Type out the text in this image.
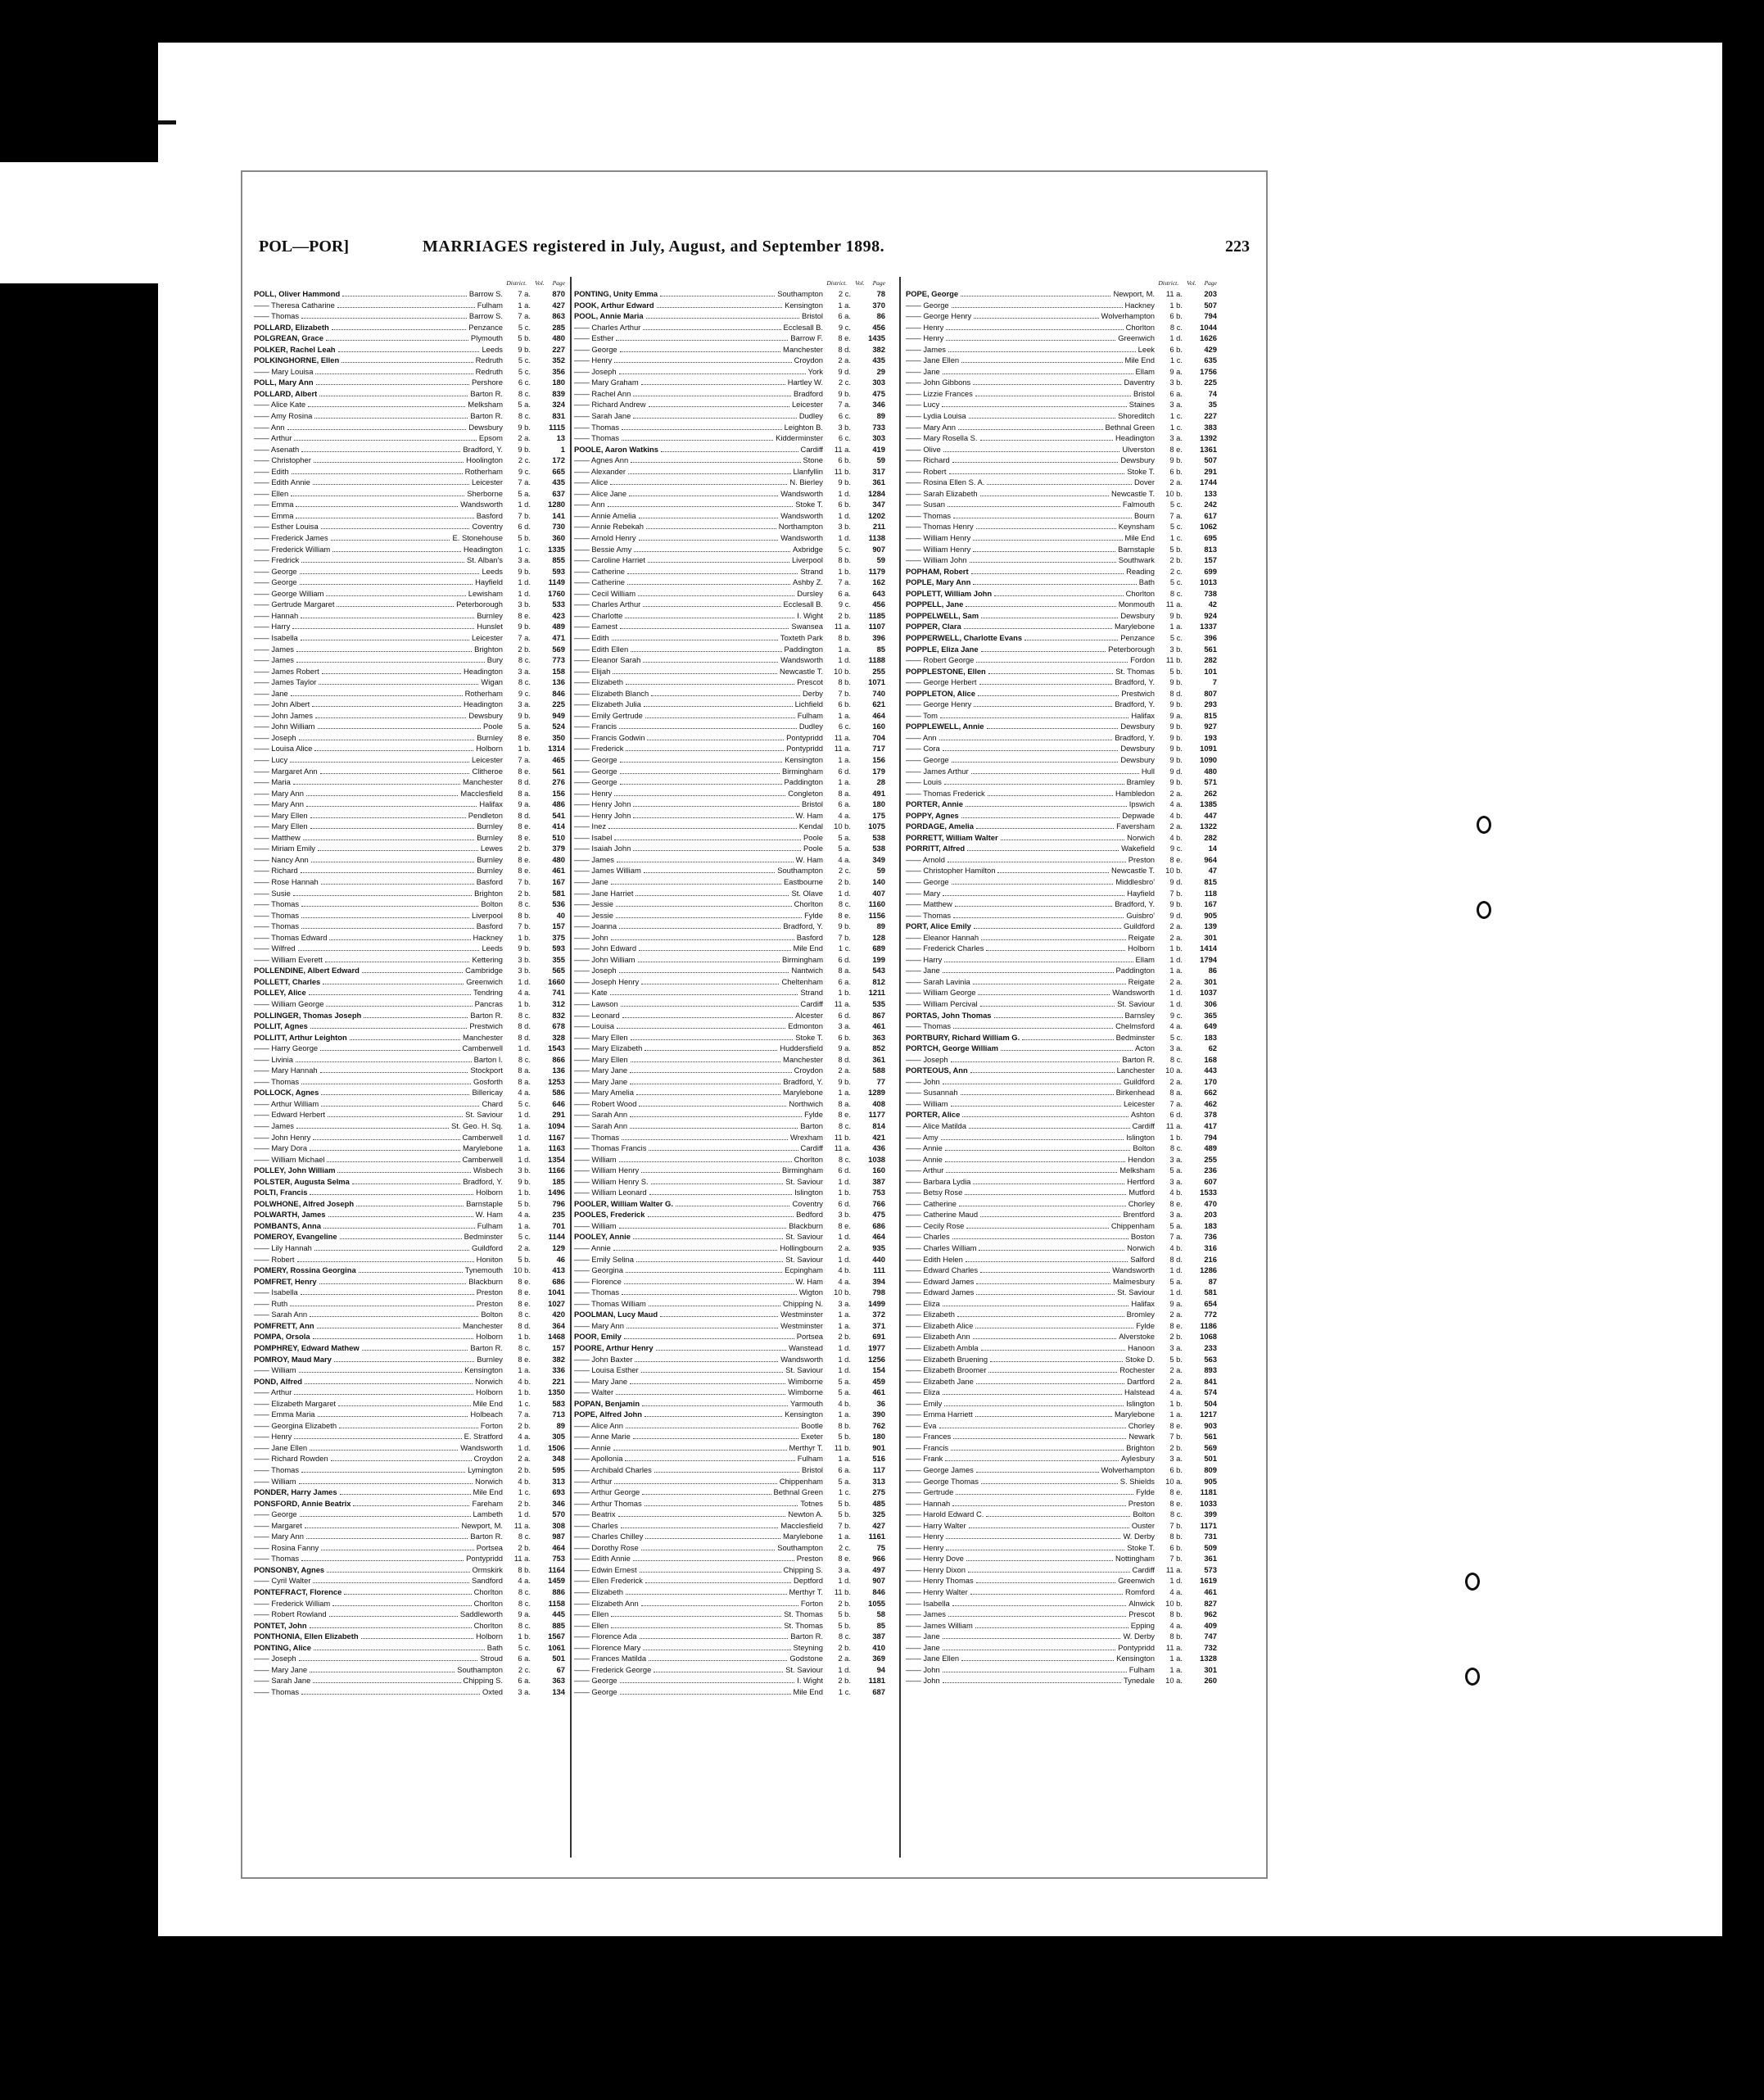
POL—POR]	MARRIAGES registered in July, August, and September 1898.	223
District. Vol. Page
POLL, Oliver Hammond	Barrow S.	7 a.	870
—— Theresa Catharine	Fulham	1 a.	427
—— Thomas	Barrow S.	7 a.	863
POLLARD, Elizabeth	Penzance	5 c.	285
POLGREAN, Grace	Plymouth	5 b.	480
POLKER, Rachel Leah	Leeds	9 b.	227
POLKINGHORNE, Ellen	Redruth	5 c.	352
—— Mary Louisa	Redruth	5 c.	356
POLL, Mary Ann	Pershore	6 c.	180
POLLARD, Albert	Barton R.	8 c.	839
—— Alice Kate	Melksham	5 a.	324
—— Amy Rosina	Barton R.	8 c.	831
—— Ann	Dewsbury	9 b.	1115
—— Arthur	Epsom	2 a.	13
—— Asenath	Bradford, Y.	9 b.	1
—— Christopher	Hoolington	2 c.	172
—— Edith	Rotherham	9 c.	665
—— Edith Annie	Leicester	7 a.	435
—— Ellen	Sherborne	5 a.	637
—— Emma	Wandsworth	1 d.	1280
—— Emma	Basford	7 b.	141
—— Esther Louisa	Coventry	6 d.	730
—— Frederick James	E. Stonehouse	5 b.	360
—— Frederick William	Headington	1 c.	1335
—— Fredrick	St. Alban's	3 a.	855
—— George	Leeds	9 b.	593
—— George	Hayfield	1 d.	1149
—— George William	Lewisham	1 d.	1760
—— Gertrude Margaret	Peterborough	3 b.	533
—— Hannah	Burnley	8 e.	423
—— Harry	Hunslet	9 b.	489
—— Isabella	Leicester	7 a.	471
—— James	Brighton	2 b.	569
—— James	Bury	8 c.	773
—— James Robert	Headington	3 a.	158
—— James Taylor	Wigan	8 c.	136
—— Jane	Rotherham	9 c.	846
—— John Albert	Headington	3 a.	225
—— John James	Dewsbury	9 b.	949
—— John William	Poole	5 a.	524
—— Joseph	Burnley	8 e.	350
—— Louisa Alice	Holborn	1 b.	1314
—— Lucy	Leicester	7 a.	465
—— Margaret Ann	Clitheroe	8 e.	561
—— Maria	Manchester	8 d.	276
—— Mary Ann	Macclesfield	8 a.	156
—— Mary Ann	Halifax	9 a.	486
—— Mary Ellen	Pendleton	8 d.	541
—— Mary Ellen	Burnley	8 e.	414
—— Matthew	Burnley	8 e.	510
—— Miriam Emily	Lewes	2 b.	379
—— Nancy Ann	Burnley	8 e.	480
—— Richard	Burnley	8 e.	461
—— Rose Hannah	Basford	7 b.	167
—— Susie	Brighton	2 b.	581
—— Thomas	Bolton	8 c.	536
—— Thomas	Liverpool	8 b.	40
—— Thomas	Basford	7 b.	157
—— Thomas Edward	Hackney	1 b.	375
—— Wilfred	Leeds	9 b.	593
—— William Everett	Kettering	3 b.	355
POLLENDINE, Albert Edward	Cambridge	3 b.	565
POLLETT, Charles	Greenwich	1 d.	1660
POLLEY, Alice	Tendring	4 a.	741
—— William George	Pancras	1 b.	312
POLLINGER, Thomas Joseph	Barton R.	8 c.	832
POLLIT, Agnes	Prestwich	8 d.	678
POLLITT, Arthur Leighton	Manchester	8 d.	328
—— Harry George	Camberwell	1 d.	1543
—— Livinia	Barton I.	8 c.	866
—— Mary Hannah	Stockport	8 a.	136
—— Thomas	Gosforth	8 a.	1253
POLLOCK, Agnes	Billericay	4 a.	586
—— Arthur William	Chard	5 c.	646
—— Edward Herbert	St. Saviour	1 d.	291
—— James	St. Geo. H. Sq.	1 a.	1094
—— John Henry	Camberwell	1 d.	1167
—— Mary Dora	Marylebone	1 a.	1163
—— William Michael	Camberwell	1 d.	1354
POLLEY, John William	Wisbech	3 b.	1166
POLSTER, Augusta Selma	Bradford, Y.	9 b.	185
POLTI, Francis	Holborn	1 b.	1496
POLWHONE, Alfred Joseph	Barnstaple	5 b.	796
POLWARTH, James	W. Ham	4 a.	235
POMBANTS, Anna	Fulham	1 a.	701
POMEROY, Evangeline	Bedminster	5 c.	1144
—— Lily Hannah	Guildford	2 a.	129
—— Robert	Honiton	5 b.	46
POMERY, Rossina Georgina	Tynemouth	10 b.	413
POMFRET, Henry	Blackburn	8 e.	686
—— Isabella	Preston	8 e.	1041
—— Ruth	Preston	8 e.	1027
—— Sarah Ann	Bolton	8 c.	420
POMFRETT, Ann	Manchester	8 d.	364
POMPA, Orsola	Holborn	1 b.	1468
POMPHREY, Edward Mathew	Barton R.	8 c.	157
POMROY, Maud Mary	Burnley	8 e.	382
—— William	Kensington	1 a.	336
POND, Alfred	Norwich	4 b.	221
—— Arthur	Holborn	1 b.	1350
—— Elizabeth Margaret	Mile End	1 c.	583
—— Emma Maria	Holbeach	7 a.	713
—— Georgina Elizabeth	Forton	2 b.	89
—— Henry	E. Stratford	4 a.	305
—— Jane Ellen	Wandsworth	1 d.	1506
—— Richard Rowden	Croydon	2 a.	348
—— Thomas	Lymington	2 b.	595
—— William	Norwich	4 b.	313
PONDER, Harry James	Mile End	1 c.	693
PONSFORD, Annie Beatrix	Fareham	2 b.	346
—— George	Lambeth	1 d.	570
—— Margaret	Newport, M.	11 a.	308
—— Mary Ann	Barton R.	8 c.	987
—— Rosina Fanny	Portsea	2 b.	464
—— Thomas	Pontypridd	11 a.	753
PONSONBY, Agnes	Ormskirk	8 b.	1164
—— Cyril Walter	Sandford	4 a.	1459
PONTEFRACT, Florence	Chorlton	8 c.	886
—— Frederick William	Chorlton	8 c.	1158
—— Robert Rowland	Saddleworth	9 a.	445
PONTET, John	Chorlton	8 c.	885
PONTHONIA, Ellen Elizabeth	Holborn	1 b.	1567
PONTING, Alice	Bath	5 c.	1061
—— Joseph	Stroud	6 a.	501
—— Mary Jane	Southampton	2 c.	67
—— Sarah Jane	Chipping S.	6 a.	363
—— Thomas	Oxted	3 a.	134
District. Vol. Page
PONTING, Unity Emma	Southampton	2 c.	78
POOK, Arthur Edward	Kensington	1 a.	370
POOL, Annie Maria	Bristol	6 a.	86
—— Charles Arthur	Ecclesall B.	9 c.	456
—— Esther	Barrow F.	8 e.	1435
—— George	Manchester	8 d.	382
—— Henry	Croydon	2 a.	435
—— Joseph	York	9 d.	29
—— Mary Graham	Hartley W.	2 c.	303
—— Rachel Ann	Bradford	9 b.	475
—— Richard Andrew	Leicester	7 a.	346
—— Sarah Jane	Dudley	6 c.	89
—— Thomas	Leighton B.	3 b.	733
—— Thomas	Kidderminster	6 c.	303
POOLE, Aaron Watkins	Cardiff	11 a.	419
—— Agnes Ann	Stone	6 b.	59
—— Alexander	Llanfyllin	11 b.	317
—— Alice	N. Bierley	9 b.	361
—— Alice Jane	Wandsworth	1 d.	1284
—— Ann	Stoke T.	6 b.	347
—— Annie Amelia	Wandsworth	1 d.	1202
—— Annie Rebekah	Northampton	3 b.	211
—— Arnold Henry	Wandsworth	1 d.	1138
—— Bessie Amy	Axbridge	5 c.	907
—— Caroline Harriet	Liverpool	8 b.	59
—— Catherine	Strand	1 b.	1179
—— Catherine	Ashby Z.	7 a.	162
—— Cecil William	Dursley	6 a.	643
—— Charles Arthur	Ecclesall B.	9 c.	456
—— Charlotte	I. Wight	2 b.	1185
—— Eamest	Swansea	11 a.	1107
—— Edith	Toxteth Park	8 b.	396
—— Edith Ellen	Paddington	1 a.	85
—— Eleanor Sarah	Wandsworth	1 d.	1188
—— Elijah	Newcastle T.	10 b.	255
—— Elizabeth	Prescot	8 b.	1071
—— Elizabeth Blanch	Derby	7 b.	740
—— Elizabeth Julia	Lichfield	6 b.	621
—— Emily Gertrude	Fulham	1 a.	464
—— Francis	Dudley	6 c.	160
—— Francis Godwin	Pontypridd	11 a.	704
—— Frederick	Pontypridd	11 a.	717
—— George	Kensington	1 a.	156
—— George	Birmingham	6 d.	179
—— George	Paddington	1 a.	28
—— Henry	Congleton	8 a.	491
—— Henry John	Bristol	6 a.	180
—— Henry John	W. Ham	4 a.	175
—— Inez	Kendal	10 b.	1075
—— Isabel	Poole	5 a.	538
—— Isaiah John	Poole	5 a.	538
—— James	W. Ham	4 a.	349
—— James William	Southampton	2 c.	59
—— Jane	Eastbourne	2 b.	140
—— Jane Harriet	St. Olave	1 d.	407
—— Jessie	Chorlton	8 c.	1160
—— Jessie	Fylde	8 e.	1156
—— Joanna	Bradford, Y.	9 b.	89
—— John	Basford	7 b.	128
—— John Edward	Mile End	1 c.	689
—— John William	Birmingham	6 d.	199
—— Joseph	Nantwich	8 a.	543
—— Joseph Henry	Cheltenham	6 a.	812
—— Kate	Strand	1 b.	1211
—— Lawson	Cardiff	11 a.	535
—— Leonard	Alcester	6 d.	867
—— Louisa	Edmonton	3 a.	461
—— Mary Ellen	Stoke T.	6 b.	363
—— Mary Elizabeth	Huddersfield	9 a.	852
—— Mary Ellen	Manchester	8 d.	361
—— Mary Jane	Croydon	2 a.	588
—— Mary Jane	Bradford, Y.	9 b.	77
—— Mary Amelia	Marylebone	1 a.	1289
—— Robert Wood	Northwich	8 a.	408
—— Sarah Ann	Fylde	8 e.	1177
—— Sarah Ann	Barton	8 c.	814
—— Thomas	Wrexham	11 b.	421
—— Thomas Francis	Cardiff	11 a.	436
—— William	Chorlton	8 c.	1038
—— William Henry	Birmingham	6 d.	160
—— William Henry S.	St. Saviour	1 d.	387
—— William Leonard	Islington	1 b.	753
POOLER, William Walter G.	Coventry	6 d.	766
POOLES, Frederick	Bedford	3 b.	475
—— William	Blackburn	8 e.	686
POOLEY, Annie	St. Saviour	1 d.	464
—— Annie	Hollingbourn	2 a.	935
—— Emily Selina	St. Saviour	1 d.	440
—— Georgina	Ecpingham	4 b.	111
—— Florence	W. Ham	4 a.	394
—— Thomas	Wigton	10 b.	798
—— Thomas William	Chipping N.	3 a.	1499
POOLMAN, Lucy Maud	Westminster	1 a.	372
—— Mary Ann	Westminster	1 a.	371
POOR, Emily	Portsea	2 b.	691
POORE, Arthur Henry	Wanstead	1 d.	1977
—— John Baxter	Wandsworth	1 d.	1256
—— Louisa Esther	St. Saviour	1 d.	154
—— Mary Jane	Wimborne	5 a.	459
—— Walter	Wimborne	5 a.	461
POPAN, Benjamin	Yarmouth	4 b.	36
POPE, Alfred John	Kensington	1 a.	390
—— Alice Ann	Bootle	8 b.	762
—— Anne Marie	Exeter	5 b.	180
—— Annie	Merthyr T.	11 b.	901
—— Apollonia	Fulham	1 a.	516
—— Archibald Charles	Bristol	6 a.	117
—— Arthur	Chippenham	5 a.	313
—— Arthur George	Bethnal Green	1 c.	275
—— Arthur Thomas	Totnes	5 b.	485
—— Beatrix	Newton A.	5 b.	325
—— Charles	Macclesfield	7 b.	427
—— Charles Chilley	Marylebone	1 a.	1161
—— Dorothy Rose	Southampton	2 c.	75
—— Edith Annie	Preston	8 e.	966
—— Edwin Ernest	Chipping S.	3 a.	497
—— Ellen Frederick	Deptford	1 d.	907
—— Elizabeth	Merthyr T.	11 b.	846
—— Elizabeth Ann	Forton	2 b.	1055
—— Ellen	St. Thomas	5 b.	58
—— Ellen	St. Thomas	5 b.	85
—— Florence Ada	Barton R.	8 c.	387
—— Florence Mary	Steyning	2 b.	410
—— Frances Matilda	Godstone	2 a.	369
—— Frederick George	St. Saviour	1 d.	94
—— George	I. Wight	2 b.	1181
—— George	Mile End	1 c.	687
District. Vol. Page
POPE, George	Newport, M.	11 a.	203
—— George	Hackney	1 b.	507
—— George Henry	Wolverhampton	6 b.	794
—— Henry	Chorlton	8 c.	1044
—— Henry	Greenwich	1 d.	1626
—— James	Leek	6 b.	429
—— Jane Ellen	Mile End	1 c.	635
—— Jane	Ellam	9 a.	1756
—— John Gibbons	Daventry	3 b.	225
—— Lizzie Frances	Bristol	6 a.	74
—— Lucy	Staines	3 a.	35
—— Lydia Louisa	Shoreditch	1 c.	227
—— Mary Ann	Bethnal Green	1 c.	383
—— Mary Rosella S.	Headington	3 a.	1392
—— Olive	Ulverston	8 e.	1361
—— Richard	Dewsbury	9 b.	507
—— Robert	Stoke T.	6 b.	291
—— Rosina Ellen S. A.	Dover	2 a.	1744
—— Sarah Elizabeth	Newcastle T.	10 b.	133
—— Susan	Falmouth	5 c.	242
—— Thomas	Bourn	7 a.	617
—— Thomas Henry	Keynsham	5 c.	1062
—— William Henry	Mile End	1 c.	695
—— William Henry	Barnstaple	5 b.	813
—— William John	Southwark	2 b.	157
POPHAM, Robert	Reading	2 c.	699
POPLE, Mary Ann	Bath	5 c.	1013
POPLETT, William John	Chorlton	8 c.	738
POPPELL, Jane	Monmouth	11 a.	42
POPPELWELL, Sam	Dewsbury	9 b.	924
POPPER, Clara	Marylebone	1 a.	1337
POPPERWELL, Charlotte Evans	Penzance	5 c.	396
POPPLE, Eliza Jane	Peterborough	3 b.	561
—— Robert George	Fordon	11 b.	282
POPPLESTONE, Ellen	St. Thomas	5 b.	101
—— George Herbert	Bradford, Y.	9 b.	7
POPPLETON, Alice	Prestwich	8 d.	807
—— George Henry	Bradford, Y.	9 b.	293
—— Tom	Halifax	9 a.	815
POPPLEWELL, Annie	Dewsbury	9 b.	927
—— Ann	Bradford, Y.	9 b.	193
—— Cora	Dewsbury	9 b.	1091
—— George	Dewsbury	9 b.	1090
—— James Arthur	Hull	9 d.	480
—— Louis	Bramley	9 b.	571
—— Thomas Frederick	Hambledon	2 a.	262
PORTER, Annie	Ipswich	4 a.	1385
POPPY, Agnes	Depwade	4 b.	447
PORDAGE, Amelia	Faversham	2 a.	1322
PORRETT, William Walter	Norwich	4 b.	282
PORRITT, Alfred	Wakefield	9 c.	14
—— Arnold	Preston	8 e.	964
—— Christopher Hamilton	Newcastle T.	10 b.	47
—— George	Middlesbro'	9 d.	815
—— Mary	Hayfield	7 b.	118
—— Matthew	Bradford, Y.	9 b.	167
—— Thomas	Guisbro'	9 d.	905
PORT, Alice Emily	Guildford	2 a.	139
—— Eleanor Hannah	Reigate	2 a.	301
—— Frederick Charles	Holborn	1 b.	1414
—— Harry	Ellam	1 d.	1794
—— Jane	Paddington	1 a.	86
—— Sarah Lavinia	Reigate	2 a.	301
—— William George	Wandsworth	1 d.	1037
—— William Percival	St. Saviour	1 d.	306
PORTAS, John Thomas	Barnsley	9 c.	365
—— Thomas	Chelmsford	4 a.	649
PORTBURY, Richard William G.	Bedminster	5 c.	183
PORTCH, George William	Acton	3 a.	62
—— Joseph	Barton R.	8 c.	168
PORTEOUS, Ann	Lanchester	10 a.	443
—— John	Guildford	2 a.	170
—— Susannah	Birkenhead	8 a.	662
—— William	Leicester	7 a.	462
PORTER, Alice	Ashton	6 d.	378
—— Alice Matilda	Cardiff	11 a.	417
—— Amy	Islington	1 b.	794
—— Annie	Bolton	8 c.	489
—— Annie	Hendon	3 a.	255
—— Arthur	Melksham	5 a.	236
—— Barbara Lydia	Hertford	3 a.	607
—— Betsy Rose	Mutford	4 b.	1533
—— Catherine	Chorley	8 e.	470
—— Catherine Maud	Brentford	3 a.	203
—— Cecily Rose	Chippenham	5 a.	183
—— Charles	Boston	7 a.	736
—— Charles William	Norwich	4 b.	316
—— Edith Helen	Salford	8 d.	216
—— Edward Charles	Wandsworth	1 d.	1286
—— Edward James	Malmesbury	5 a.	87
—— Edward James	St. Saviour	1 d.	581
—— Eliza	Halifax	9 a.	654
—— Elizabeth	Bromley	2 a.	772
—— Elizabeth Alice	Fylde	8 e.	1186
—— Elizabeth Ann	Alverstoke	2 b.	1068
—— Elizabeth Ambla	Hanoon	3 a.	233
—— Elizabeth Bruening	Stoke D.	5 b.	563
—— Elizabeth Broomer	Rochester	2 a.	893
—— Elizabeth Jane	Dartford	2 a.	841
—— Eliza	Halstead	4 a.	574
—— Emily	Islington	1 b.	504
—— Emma Harriett	Marylebone	1 a.	1217
—— Eva	Chorley	8 e.	903
—— Frances	Newark	7 b.	561
—— Francis	Brighton	2 b.	569
—— Frank	Aylesbury	3 a.	501
—— George James	Wolverhampton	6 b.	809
—— George Thomas	S. Shields	10 a.	905
—— Gertrude	Fylde	8 e.	1181
—— Hannah	Preston	8 e.	1033
—— Harold Edward C.	Bolton	8 c.	399
—— Harry Walter	Ouster	7 b.	1171
—— Henry	W. Derby	8 b.	731
—— Henry	Stoke T.	6 b.	509
—— Henry Dove	Nottingham	7 b.	361
—— Henry Dixon	Cardiff	11 a.	573
—— Henry Thomas	Greenwich	1 d.	1619
—— Henry Walter	Romford	4 a.	461
—— Isabella	Alnwick	10 b.	827
—— James	Prescot	8 b.	962
—— James William	Epping	4 a.	409
—— Jane	W. Derby	8 b.	747
—— Jane	Pontypridd	11 a.	732
—— Jane Ellen	Kensington	1 a.	1328
—— John	Fulham	1 a.	301
—— John	Tynedale	10 a.	260
